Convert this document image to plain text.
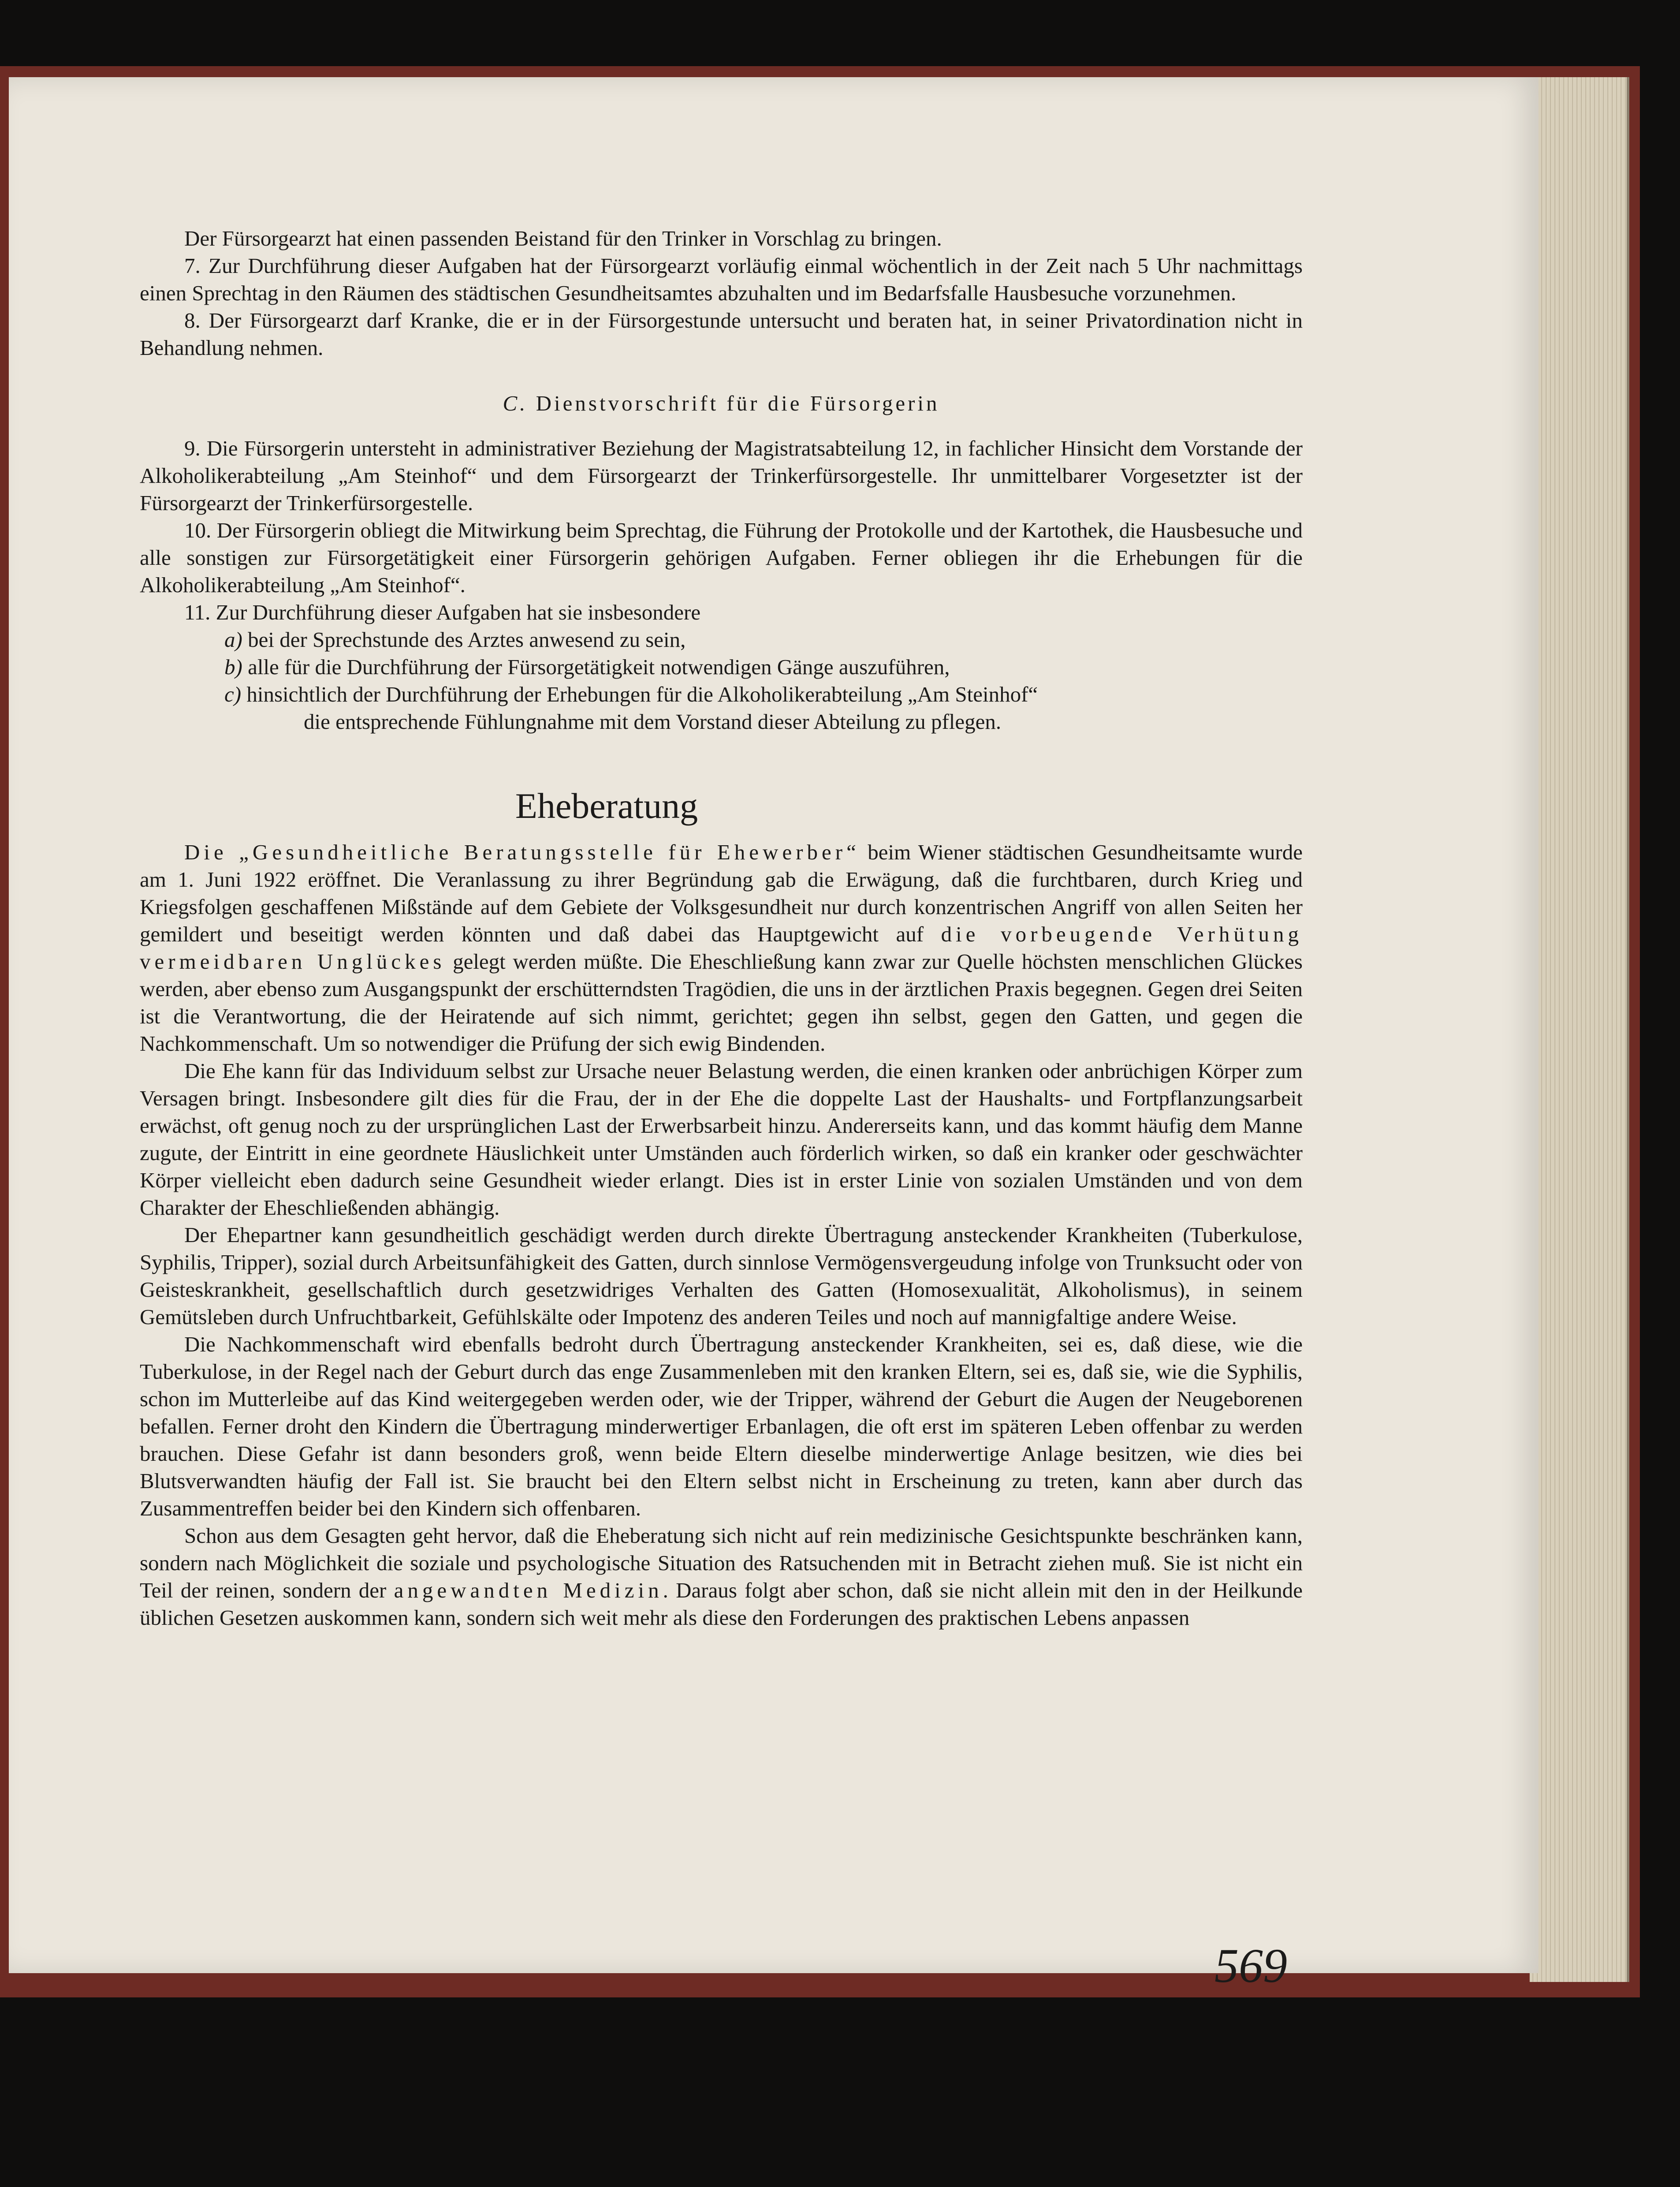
Der Fürsorgearzt hat einen passenden Beistand für den Trinker in Vorschlag zu bringen.

7. Zur Durchführung dieser Aufgaben hat der Fürsorgearzt vorläufig einmal wöchentlich in der Zeit nach 5 Uhr nachmittags einen Sprechtag in den Räumen des städtischen Gesundheitsamtes abzuhalten und im Bedarfsfalle Hausbesuche vorzunehmen.

8. Der Fürsorgearzt darf Kranke, die er in der Fürsorgestunde untersucht und beraten hat, in seiner Privatordination nicht in Behandlung nehmen.

C. Dienstvorschrift für die Fürsorgerin

9. Die Fürsorgerin untersteht in administrativer Beziehung der Magistratsabteilung 12, in fachlicher Hinsicht dem Vorstande der Alkoholikerabteilung „Am Steinhof“ und dem Fürsorgearzt der Trinkerfürsorgestelle. Ihr unmittelbarer Vorgesetzter ist der Fürsorgearzt der Trinkerfürsorgestelle.

10. Der Fürsorgerin obliegt die Mitwirkung beim Sprechtag, die Führung der Protokolle und der Kartothek, die Hausbesuche und alle sonstigen zur Fürsorgetätigkeit einer Fürsorgerin gehörigen Aufgaben. Ferner obliegen ihr die Erhebungen für die Alkoholikerabteilung „Am Steinhof“.

11. Zur Durchführung dieser Aufgaben hat sie insbesondere

a) bei der Sprechstunde des Arztes anwesend zu sein,

b) alle für die Durchführung der Fürsorgetätigkeit notwendigen Gänge auszuführen,

c) hinsichtlich der Durchführung der Erhebungen für die Alkoholikerabteilung „Am Steinhof“

die entsprechende Fühlungnahme mit dem Vorstand dieser Abteilung zu pflegen.

Eheberatung

Die „Gesundheitliche Beratungsstelle für Ehewerber“ beim Wiener städtischen Gesundheitsamte wurde am 1. Juni 1922 eröffnet. Die Veranlassung zu ihrer Begründung gab die Erwägung, daß die furchtbaren, durch Krieg und Kriegsfolgen geschaffenen Mißstände auf dem Gebiete der Volksgesundheit nur durch konzentrischen Angriff von allen Seiten her gemildert und beseitigt werden könnten und daß dabei das Hauptgewicht auf die vorbeugende Verhütung vermeidbaren Unglückes gelegt werden müßte. Die Eheschließung kann zwar zur Quelle höchsten menschlichen Glückes werden, aber ebenso zum Ausgangspunkt der erschütterndsten Tragödien, die uns in der ärztlichen Praxis begegnen. Gegen drei Seiten ist die Verantwortung, die der Heiratende auf sich nimmt, gerichtet; gegen ihn selbst, gegen den Gatten, und gegen die Nachkommenschaft. Um so notwendiger die Prüfung der sich ewig Bindenden.

Die Ehe kann für das Individuum selbst zur Ursache neuer Belastung werden, die einen kranken oder anbrüchigen Körper zum Versagen bringt. Insbesondere gilt dies für die Frau, der in der Ehe die doppelte Last der Haushalts- und Fortpflanzungsarbeit erwächst, oft genug noch zu der ursprünglichen Last der Erwerbsarbeit hinzu. Andererseits kann, und das kommt häufig dem Manne zugute, der Eintritt in eine geordnete Häuslichkeit unter Umständen auch förderlich wirken, so daß ein kranker oder geschwächter Körper vielleicht eben dadurch seine Gesundheit wieder erlangt. Dies ist in erster Linie von sozialen Umständen und von dem Charakter der Eheschließenden abhängig.

Der Ehepartner kann gesundheitlich geschädigt werden durch direkte Übertragung ansteckender Krankheiten (Tuberkulose, Syphilis, Tripper), sozial durch Arbeitsunfähigkeit des Gatten, durch sinnlose Vermögensvergeudung infolge von Trunksucht oder von Geisteskrankheit, gesellschaftlich durch gesetzwidriges Verhalten des Gatten (Homosexualität, Alkoholismus), in seinem Gemütsleben durch Unfruchtbarkeit, Gefühlskälte oder Impotenz des anderen Teiles und noch auf mannigfaltige andere Weise.

Die Nachkommenschaft wird ebenfalls bedroht durch Übertragung ansteckender Krankheiten, sei es, daß diese, wie die Tuberkulose, in der Regel nach der Geburt durch das enge Zusammenleben mit den kranken Eltern, sei es, daß sie, wie die Syphilis, schon im Mutterleibe auf das Kind weitergegeben werden oder, wie der Tripper, während der Geburt die Augen der Neugeborenen befallen. Ferner droht den Kindern die Übertragung minderwertiger Erbanlagen, die oft erst im späteren Leben offenbar zu werden brauchen. Diese Gefahr ist dann besonders groß, wenn beide Eltern dieselbe minderwertige Anlage besitzen, wie dies bei Blutsverwandten häufig der Fall ist. Sie braucht bei den Eltern selbst nicht in Erscheinung zu treten, kann aber durch das Zusammentreffen beider bei den Kindern sich offenbaren.

Schon aus dem Gesagten geht hervor, daß die Eheberatung sich nicht auf rein medizinische Gesichtspunkte beschränken kann, sondern nach Möglichkeit die soziale und psychologische Situation des Ratsuchenden mit in Betracht ziehen muß. Sie ist nicht ein Teil der reinen, sondern der angewandten Medizin. Daraus folgt aber schon, daß sie nicht allein mit den in der Heilkunde üblichen Gesetzen auskommen kann, sondern sich weit mehr als diese den Forderungen des praktischen Lebens anpassen

569
